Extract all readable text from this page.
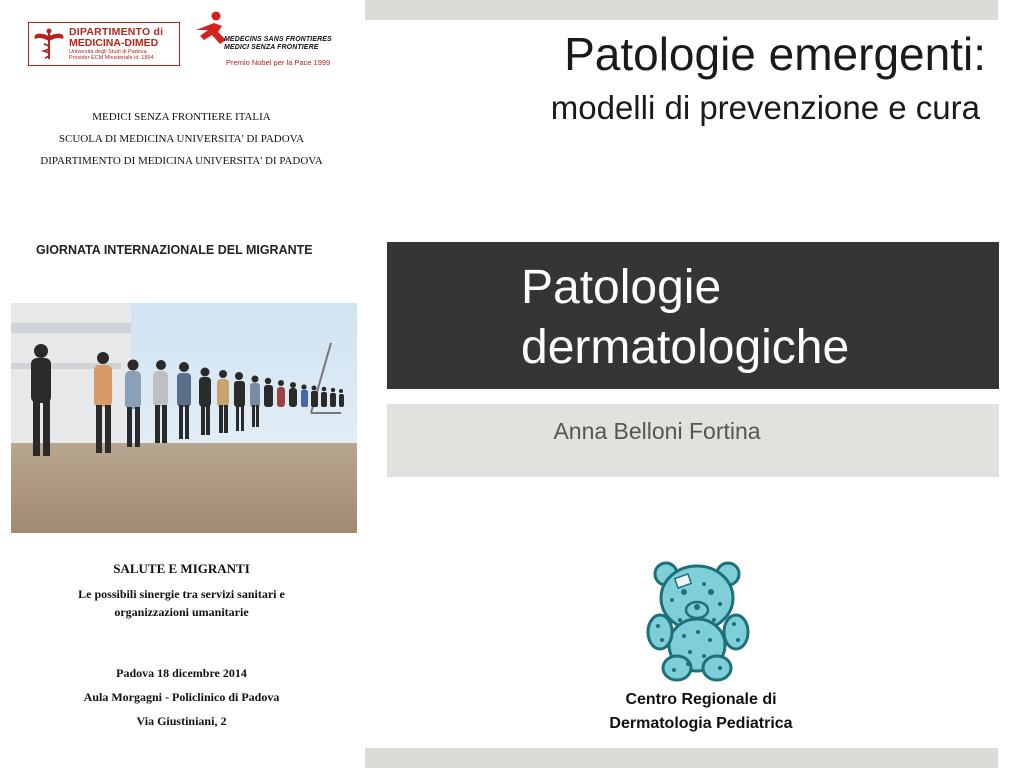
DIPARTIMENTO di
MEDICINA-DIMED
Università degli Studi di Padova
Provider ECM Ministeriale id. 1894
MEDECINS SANS FRONTIERES
MEDICI SENZA FRONTIERE
Premio Nobel per la Pace 1999
MEDICI SENZA FRONTIERE ITALIA
SCUOLA DI MEDICINA UNIVERSITA' DI PADOVA
DIPARTIMENTO DI MEDICINA UNIVERSITA' DI PADOVA
GIORNATA INTERNAZIONALE DEL MIGRANTE
SALUTE E MIGRANTI
Le possibili sinergie tra servizi sanitari e
organizzazioni umanitarie
Padova 18 dicembre 2014
Aula Morgagni - Policlinico di Padova
Via Giustiniani, 2
Patologie emergenti:
modelli di prevenzione e cura
Patologie
dermatologiche
Anna Belloni Fortina
Centro Regionale di
Dermatologia Pediatrica
